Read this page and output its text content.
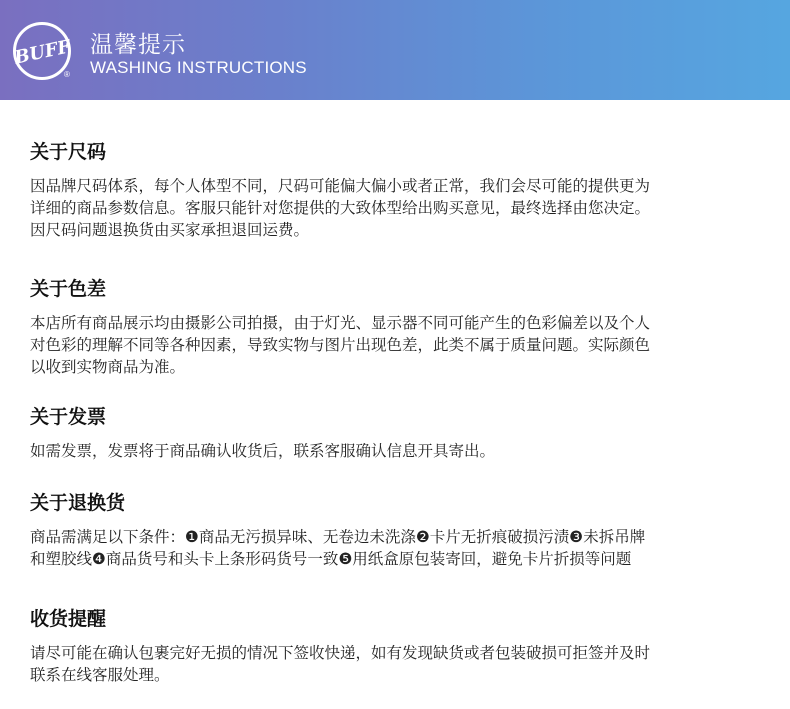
BUFF
®
温馨提示
WASHING INSTRUCTIONS
关于尺码

因品牌尺码体系，每个人体型不同，尺码可能偏大偏小或者正常，我们会尽可能的提供更为
详细的商品参数信息。客服只能针对您提供的大致体型给出购买意见，最终选择由您决定。
因尺码问题退换货由买家承担退回运费。

关于色差

本店所有商品展示均由摄影公司拍摄，由于灯光、显示器不同可能产生的色彩偏差以及个人
对色彩的理解不同等各种因素，导致实物与图片出现色差，此类不属于质量问题。实际颜色
以收到实物商品为准。

关于发票

如需发票，发票将于商品确认收货后，联系客服确认信息开具寄出。

关于退换货

商品需满足以下条件：❶商品无污损异味、无卷边未洗涤❷卡片无折痕破损污渍❸未拆吊牌
和塑胶线❹商品货号和头卡上条形码货号一致❺用纸盒原包装寄回，避免卡片折损等问题

收货提醒

请尽可能在确认包裹完好无损的情况下签收快递，如有发现缺货或者包装破损可拒签并及时
联系在线客服处理。
